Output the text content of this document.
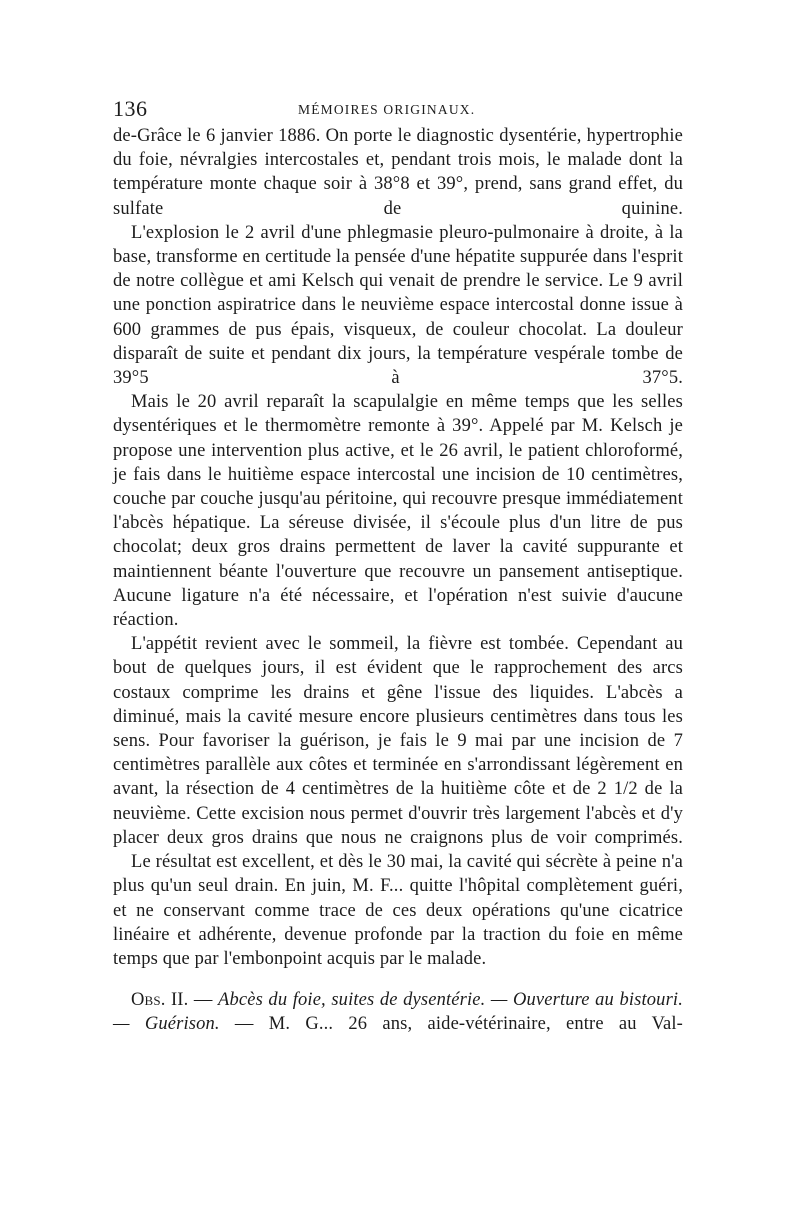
136	MÉMOIRES ORIGINAUX.

de-Grâce le 6 janvier 1886. On porte le diagnostic dysentérie, hypertrophie du foie, névralgies intercostales et, pendant trois mois, le malade dont la température monte chaque soir à 38°8 et 39°, prend, sans grand effet, du sulfate de quinine.

L'explosion le 2 avril d'une phlegmasie pleuro-pulmonaire à droite, à la base, transforme en certitude la pensée d'une hépatite suppurée dans l'esprit de notre collègue et ami Kelsch qui venait de prendre le service. Le 9 avril une ponction aspiratrice dans le neuvième espace intercostal donne issue à 600 grammes de pus épais, visqueux, de couleur chocolat. La douleur disparaît de suite et pendant dix jours, la température vespérale tombe de 39°5 à 37°5.

Mais le 20 avril reparaît la scapulalgie en même temps que les selles dysentériques et le thermomètre remonte à 39°. Appelé par M. Kelsch je propose une intervention plus active, et le 26 avril, le patient chloroformé, je fais dans le huitième espace intercostal une incision de 10 centimètres, couche par couche jusqu'au péritoine, qui recouvre presque immédiatement l'abcès hépatique. La séreuse divisée, il s'écoule plus d'un litre de pus chocolat; deux gros drains permettent de laver la cavité suppurante et maintiennent béante l'ouverture que recouvre un pansement antiseptique. Aucune ligature n'a été nécessaire, et l'opération n'est suivie d'aucune réaction.

L'appétit revient avec le sommeil, la fièvre est tombée. Cependant au bout de quelques jours, il est évident que le rapprochement des arcs costaux comprime les drains et gêne l'issue des liquides. L'abcès a diminué, mais la cavité mesure encore plusieurs centimètres dans tous les sens. Pour favoriser la guérison, je fais le 9 mai par une incision de 7 centimètres parallèle aux côtes et terminée en s'arrondissant légèrement en avant, la résection de 4 centimètres de la huitième côte et de 2 1/2 de la neuvième. Cette excision nous permet d'ouvrir très largement l'abcès et d'y placer deux gros drains que nous ne craignons plus de voir comprimés.

Le résultat est excellent, et dès le 30 mai, la cavité qui sécrète à peine n'a plus qu'un seul drain. En juin, M. F... quitte l'hôpital complètement guéri, et ne conservant comme trace de ces deux opérations qu'une cicatrice linéaire et adhérente, devenue profonde par la traction du foie en même temps que par l'embonpoint acquis par le malade.

Obs. II. — Abcès du foie, suites de dysentérie. — Ouverture au bistouri.— Guérison. — M. G... 26 ans, aide-vétérinaire, entre au Val-
